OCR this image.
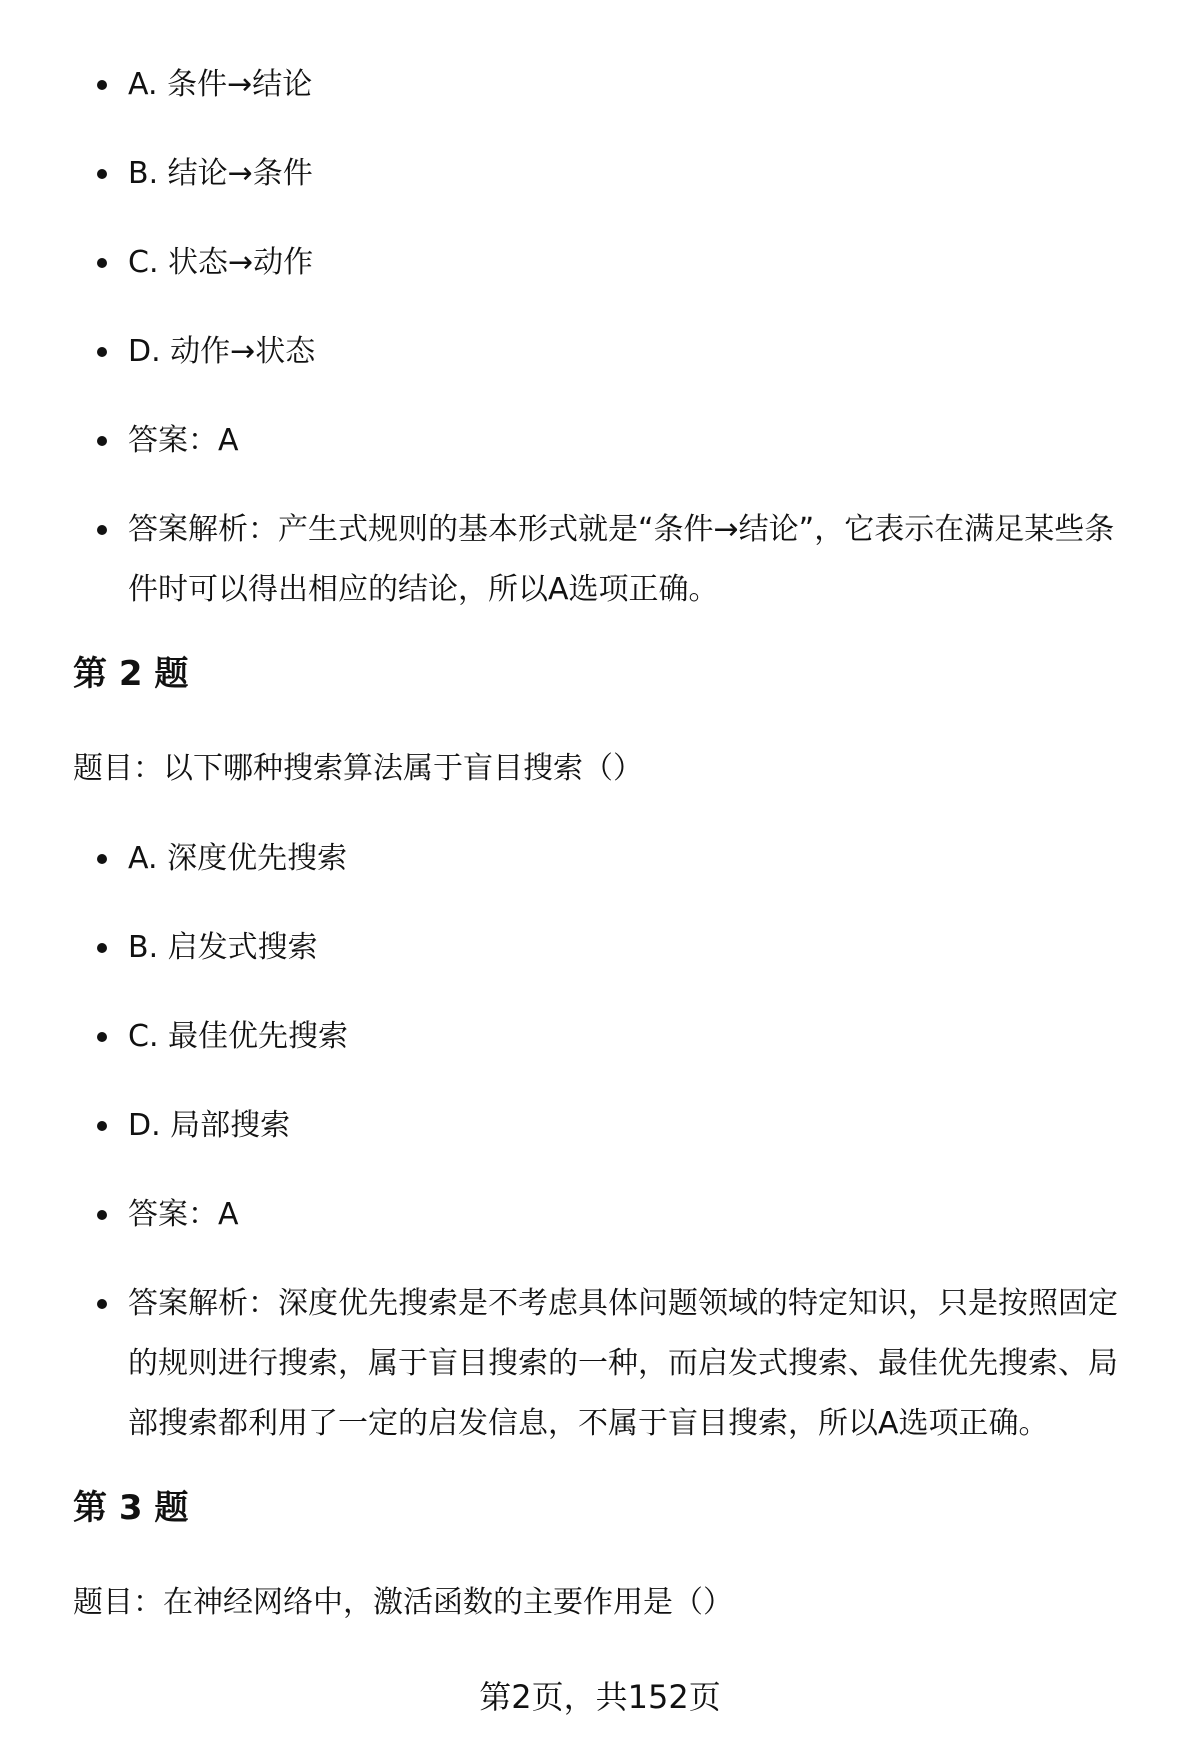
A. 条件→结论
B. 结论→条件
C. 状态→动作
D. 动作→状态
答案：A
答案解析：产生式规则的基本形式就是“条件→结论”，它表示在满足某些条件时可以得出相应的结论，所以A选项正确。
第 2 题
题目：以下哪种搜索算法属于盲目搜索（）
A. 深度优先搜索
B. 启发式搜索
C. 最佳优先搜索
D. 局部搜索
答案：A
答案解析：深度优先搜索是不考虑具体问题领域的特定知识，只是按照固定的规则进行搜索，属于盲目搜索的一种，而启发式搜索、最佳优先搜索、局部搜索都利用了一定的启发信息，不属于盲目搜索，所以A选项正确。
第 3 题
题目：在神经网络中，激活函数的主要作用是（）
第2页，共152页
